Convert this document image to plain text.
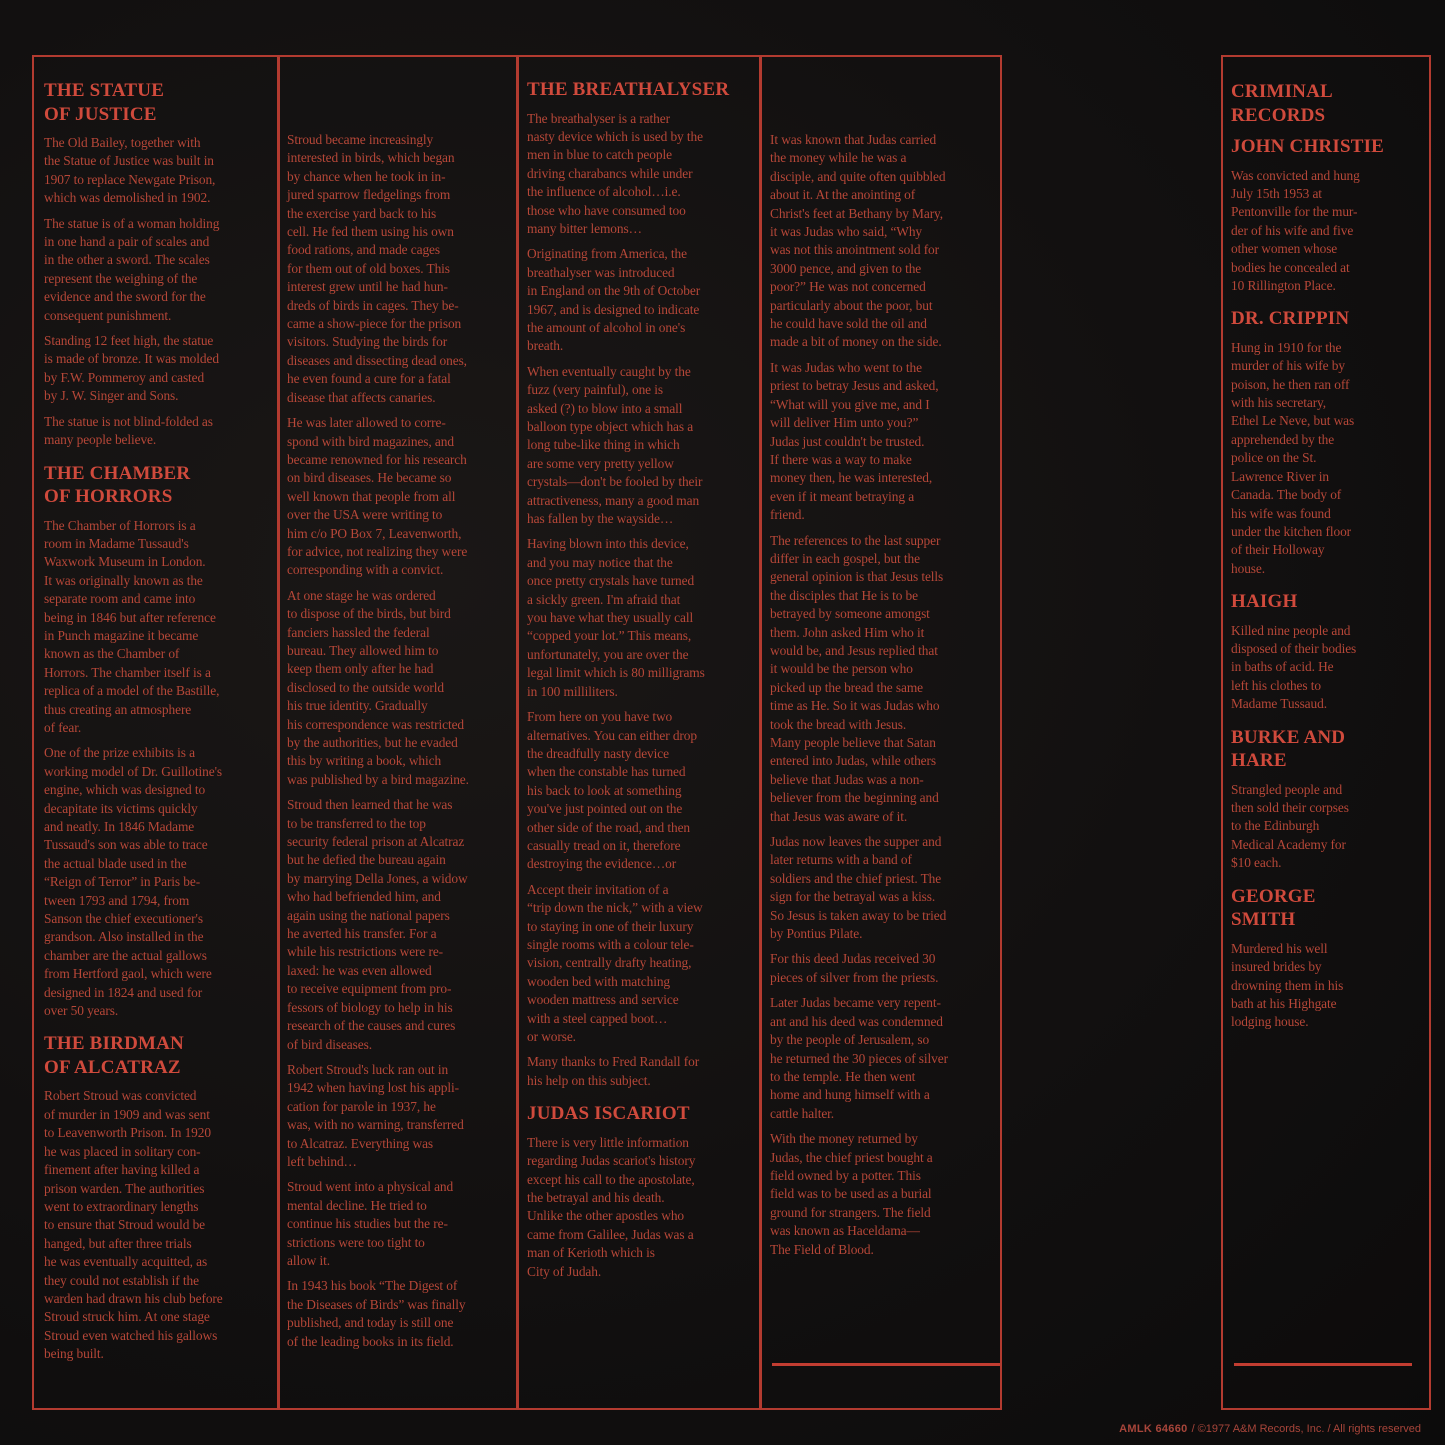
THE STATUE
OF JUSTICE

The Old Bailey, together with
the Statue of Justice was built in
1907 to replace Newgate Prison,
which was demolished in 1902.

The statue is of a woman holding
in one hand a pair of scales and
in the other a sword. The scales
represent the weighing of the
evidence and the sword for the
consequent punishment.

Standing 12 feet high, the statue
is made of bronze. It was molded
by F.W. Pommeroy and casted
by J. W. Singer and Sons.

The statue is not blind-folded as
many people believe.

THE CHAMBER
OF HORRORS

The Chamber of Horrors is a
room in Madame Tussaud's
Waxwork Museum in London.
It was originally known as the
separate room and came into
being in 1846 but after reference
in Punch magazine it became
known as the Chamber of
Horrors. The chamber itself is a
replica of a model of the Bastille,
thus creating an atmosphere
of fear.

One of the prize exhibits is a
working model of Dr. Guillotine's
engine, which was designed to
decapitate its victims quickly
and neatly. In 1846 Madame
Tussaud's son was able to trace
the actual blade used in the
“Reign of Terror” in Paris be-
tween 1793 and 1794, from
Sanson the chief executioner's
grandson. Also installed in the
chamber are the actual gallows
from Hertford gaol, which were
designed in 1824 and used for
over 50 years.

THE BIRDMAN
OF ALCATRAZ

Robert Stroud was convicted
of murder in 1909 and was sent
to Leavenworth Prison. In 1920
he was placed in solitary con-
finement after having killed a
prison warden. The authorities
went to extraordinary lengths
to ensure that Stroud would be
hanged, but after three trials
he was eventually acquitted, as
they could not establish if the
warden had drawn his club before
Stroud struck him. At one stage
Stroud even watched his gallows
being built.

Stroud became increasingly
interested in birds, which began
by chance when he took in in-
jured sparrow fledgelings from
the exercise yard back to his
cell. He fed them using his own
food rations, and made cages
for them out of old boxes. This
interest grew until he had hun-
dreds of birds in cages. They be-
came a show-piece for the prison
visitors. Studying the birds for
diseases and dissecting dead ones,
he even found a cure for a fatal
disease that affects canaries.

He was later allowed to corre-
spond with bird magazines, and
became renowned for his research
on bird diseases. He became so
well known that people from all
over the USA were writing to
him c/o PO Box 7, Leavenworth,
for advice, not realizing they were
corresponding with a convict.

At one stage he was ordered
to dispose of the birds, but bird
fanciers hassled the federal
bureau. They allowed him to
keep them only after he had
disclosed to the outside world
his true identity. Gradually
his correspondence was restricted
by the authorities, but he evaded
this by writing a book, which
was published by a bird magazine.

Stroud then learned that he was
to be transferred to the top
security federal prison at Alcatraz
but he defied the bureau again
by marrying Della Jones, a widow
who had befriended him, and
again using the national papers
he averted his transfer. For a
while his restrictions were re-
laxed: he was even allowed
to receive equipment from pro-
fessors of biology to help in his
research of the causes and cures
of bird diseases.

Robert Stroud's luck ran out in
1942 when having lost his appli-
cation for parole in 1937, he
was, with no warning, transferred
to Alcatraz. Everything was
left behind…

Stroud went into a physical and
mental decline. He tried to
continue his studies but the re-
strictions were too tight to
allow it.

In 1943 his book “The Digest of
the Diseases of Birds” was finally
published, and today is still one
of the leading books in its field.

THE BREATHALYSER

The breathalyser is a rather
nasty device which is used by the
men in blue to catch people
driving charabancs while under
the influence of alcohol…i.e.
those who have consumed too
many bitter lemons…

Originating from America, the
breathalyser was introduced
in England on the 9th of October
1967, and is designed to indicate
the amount of alcohol in one's
breath.

When eventually caught by the
fuzz (very painful), one is
asked (?) to blow into a small
balloon type object which has a
long tube-like thing in which
are some very pretty yellow
crystals—don't be fooled by their
attractiveness, many a good man
has fallen by the wayside…

Having blown into this device,
and you may notice that the
once pretty crystals have turned
a sickly green. I'm afraid that
you have what they usually call
“copped your lot.” This means,
unfortunately, you are over the
legal limit which is 80 milligrams
in 100 milliliters.

From here on you have two
alternatives. You can either drop
the dreadfully nasty device
when the constable has turned
his back to look at something
you've just pointed out on the
other side of the road, and then
casually tread on it, therefore
destroying the evidence…or

Accept their invitation of a
“trip down the nick,” with a view
to staying in one of their luxury
single rooms with a colour tele-
vision, centrally drafty heating,
wooden bed with matching
wooden mattress and service
with a steel capped boot…
or worse.

Many thanks to Fred Randall for
his help on this subject.

JUDAS ISCARIOT

There is very little information
regarding Judas scariot's history
except his call to the apostolate,
the betrayal and his death.
Unlike the other apostles who
came from Galilee, Judas was a
man of Kerioth which is
City of Judah.

It was known that Judas carried
the money while he was a
disciple, and quite often quibbled
about it. At the anointing of
Christ's feet at Bethany by Mary,
it was Judas who said, “Why
was not this anointment sold for
3000 pence, and given to the
poor?” He was not concerned
particularly about the poor, but
he could have sold the oil and
made a bit of money on the side.

It was Judas who went to the
priest to betray Jesus and asked,
“What will you give me, and I
will deliver Him unto you?”
Judas just couldn't be trusted.
If there was a way to make
money then, he was interested,
even if it meant betraying a
friend.

The references to the last supper
differ in each gospel, but the
general opinion is that Jesus tells
the disciples that He is to be
betrayed by someone amongst
them. John asked Him who it
would be, and Jesus replied that
it would be the person who
picked up the bread the same
time as He. So it was Judas who
took the bread with Jesus.
Many people believe that Satan
entered into Judas, while others
believe that Judas was a non-
believer from the beginning and
that Jesus was aware of it.

Judas now leaves the supper and
later returns with a band of
soldiers and the chief priest. The
sign for the betrayal was a kiss.
So Jesus is taken away to be tried
by Pontius Pilate.

For this deed Judas received 30
pieces of silver from the priests.

Later Judas became very repent-
ant and his deed was condemned
by the people of Jerusalem, so
he returned the 30 pieces of silver
to the temple. He then went
home and hung himself with a
cattle halter.

With the money returned by
Judas, the chief priest bought a
field owned by a potter. This
field was to be used as a burial
ground for strangers. The field
was known as Haceldama—
The Field of Blood.

CRIMINAL
RECORDS
JOHN CHRISTIE

Was convicted and hung
July 15th 1953 at
Pentonville for the mur-
der of his wife and five
other women whose
bodies he concealed at
10 Rillington Place.

DR. CRIPPIN

Hung in 1910 for the
murder of his wife by
poison, he then ran off
with his secretary,
Ethel Le Neve, but was
apprehended by the
police on the St.
Lawrence River in
Canada. The body of
his wife was found
under the kitchen floor
of their Holloway
house.

HAIGH

Killed nine people and
disposed of their bodies
in baths of acid. He
left his clothes to
Madame Tussaud.

BURKE AND
HARE

Strangled people and
then sold their corpses
to the Edinburgh
Medical Academy for
$10 each.

GEORGE
SMITH

Murdered his well
insured brides by
drowning them in his
bath at his Highgate
lodging house.

AMLK 64660 / ©1977 A&M Records, Inc. / All rights reserved
